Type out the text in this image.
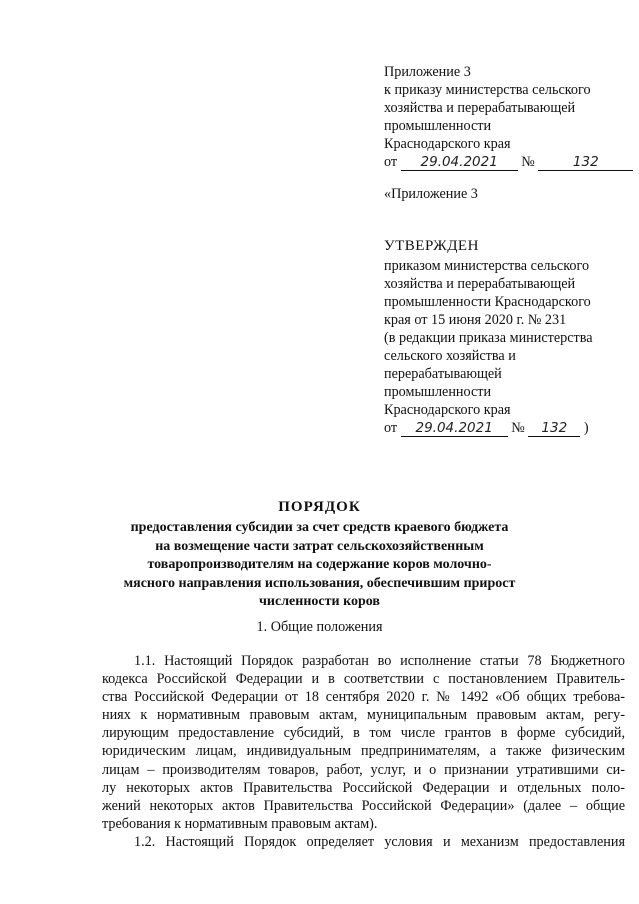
Приложение 3
к приказу министерства сельского
хозяйства и перерабатывающей
промышленности
Краснодарского края
от 29.04.2021 №	132
«Приложение 3
УТВЕРЖДЕН
приказом министерства сельского
хозяйства и перерабатывающей
промышленности Краснодарского
края от 15 июня 2020 г. № 231
(в редакции приказа министерства
сельского хозяйства и
перерабатывающей
промышленности
Краснодарского края
от 29.04.2021 № 132 )
ПОРЯДОК
предоставления субсидии за счет средств краевого бюджета
на возмещение части затрат сельскохозяйственным
товаропроизводителям на содержание коров молочно-
мясного направления использования, обеспечившим прирост
численности коров
1. Общие положения
1.1. Настоящий Порядок разработан во исполнение статьи 78 Бюджетного
кодекса Российской Федерации и в соответствии с постановлением Правитель-
ства Российской Федерации от 18 сентября 2020 г. № 1492 «Об общих требова-
ниях к нормативным правовым актам, муниципальным правовым актам, регу-
лирующим предоставление субсидий, в том числе грантов в форме субсидий,
юридическим лицам, индивидуальным предпринимателям, а также физическим
лицам – производителям товаров, работ, услуг, и о признании утратившими си-
лу некоторых актов Правительства Российской Федерации и отдельных поло-
жений некоторых актов Правительства Российской Федерации» (далее – общие
требования к нормативным правовым актам).
1.2. Настоящий Порядок определяет условия и механизм предоставления
